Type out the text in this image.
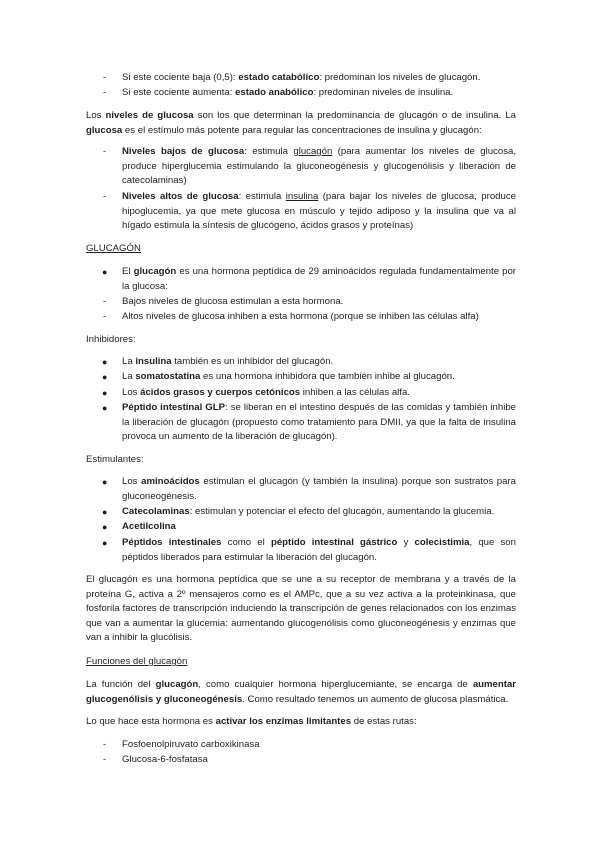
- Si este cociente baja (0,5): estado catabólico: predominan los niveles de glucagón.
- Si este cociente aumenta: estado anabólico: predominan niveles de insulina.

Los niveles de glucosa son los que determinan la predominancia de glucagón o de insulina. La glucosa es el estímulo más potente para regular las concentraciones de insulina y glucagón:

- Niveles bajos de glucosa: estimula glucagón (para aumentar los niveles de glucosa, produce hiperglucemia estimulando la gluconeogénesis y glucogenólisis y liberación de catecolaminas)
- Niveles altos de glucosa: estimula insulina (para bajar los niveles de glucosa, produce hipoglucemia, ya que mete glucosa en músculo y tejido adiposo y la insulina que va al hígado estimula la síntesis de glucógeno, ácidos grasos y proteínas)
GLUCAGÓN
● El glucagón es una hormona peptídica de 29 aminoácidos regulada fundamentalmente por la glucosa:
- Bajos niveles de glucosa estimulan a esta hormona.
- Altos niveles de glucosa inhiben a esta hormona (porque se inhiben las células alfa)
Inhibidores:
● La insulina también es un inhibidor del glucagón.
● La somatostatina es una hormona inhibidora que también inhibe al glucagón.
● Los ácidos grasos y cuerpos cetónicos inhiben a las células alfa.
● Péptido intestinal GLP: se liberan en el intestino después de las comidas y también inhibe la liberación de glucagón (propuesto como tratamiento para DMII, ya que la falta de insulina provoca un aumento de la liberación de glucagón).
Estimulantes:
● Los aminoácidos estimulan el glucagón (y también la insulina) porque son sustratos para gluconeogénesis.
● Catecolaminas: estimulan y potenciar el efecto del glucagón, aumentando la glucemia.
● Acetilcolina
● Péptidos intestinales como el péptido intestinal gástrico y colecistimia, que son péptidos liberados para estimular la liberación del glucagón.

El glucagón es una hormona peptídica que se une a su receptor de membrana y a través de la proteína G, activa a 2º mensajeros como es el AMPc, que a su vez activa a la proteinkinasa, que fosforila factores de transcripción induciendo la transcripción de genes relacionados con los enzimas que van a aumentar la glucemia: aumentando glucogenólisis como gluconeogénesis y enzimas que van a inhibir la glucólisis.

Funciones del glucagón

La función del glucagón, como cualquier hormona hiperglucemiante, se encarga de aumentar glucogenólisis y gluconeogénesis. Como resultado tenemos un aumento de glucosa plasmática.

Lo que hace esta hormona es activar los enzimas limitantes de estas rutas:

- Fosfoenolpiruvato carboxikinasa
- Glucosa-6-fosfatasa
